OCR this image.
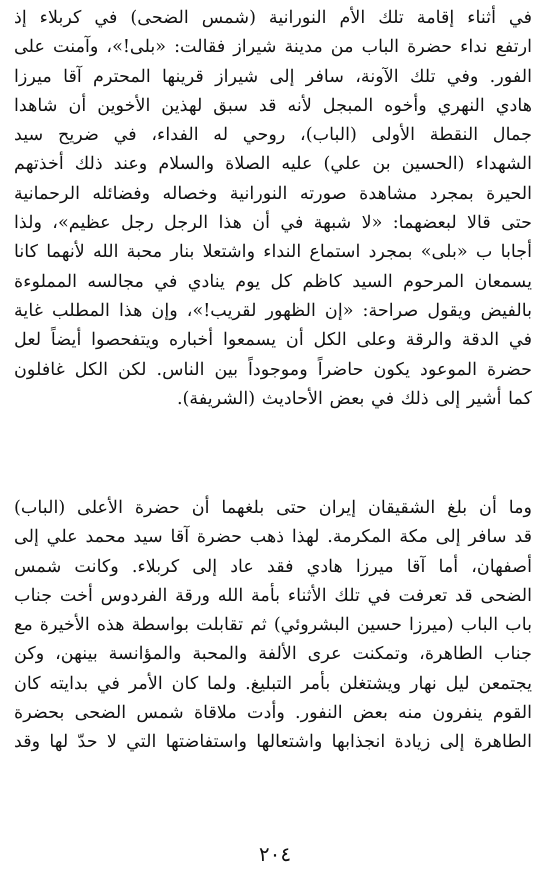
في أثناء إقامة تلك الأم النورانية (شمس الضحى) في كربلاء إذ
ارتفع نداء حضرة الباب من مدينة شيراز فقالت: «بلى!»، وآمنت على
الفور. وفي تلك الآونة، سافر إلى شيراز قرينها المحترم آقا ميرزا
هادي النهري وأخوه المبجل لأنه قد سبق لهذين الأخوين أن شاهدا
جمال النقطة الأولى (الباب)، روحي له الفداء، في ضريح سيد
الشهداء (الحسين بن علي) عليه الصلاة والسلام وعند ذلك أخذتهم
الحيرة بمجرد مشاهدة صورته النورانية وخصاله وفضائله الرحمانية
حتى قالا لبعضهما: «لا شبهة في أن هذا الرجل رجل عظيم»، ولذا
أجابا ب «بلى» بمجرد استماع النداء واشتعلا بنار محبة الله لأنهما كانا
يسمعان المرحوم السيد كاظم كل يوم ينادي في مجالسه المملوءة
بالفيض ويقول صراحة: «إن الظهور لقريب!»، وإن هذا المطلب غاية
في الدقة والرقة وعلى الكل أن يسمعوا أخباره ويتفحصوا أيضاً لعل
حضرة الموعود يكون حاضراً وموجوداً بين الناس. لكن الكل غافلون
كما أشير إلى ذلك في بعض الأحاديث (الشريفة).
وما أن بلغ الشقيقان إيران حتى بلغهما أن حضرة الأعلى (الباب)
قد سافر إلى مكة المكرمة. لهذا ذهب حضرة آقا سيد محمد علي إلى
أصفهان، أما آقا ميرزا هادي فقد عاد إلى كربلاء. وكانت شمس
الضحى قد تعرفت في تلك الأثناء بأمة الله ورقة الفردوس أخت جناب
باب الباب (ميرزا حسين البشروئي) ثم تقابلت بواسطة هذه الأخيرة مع
جناب الطاهرة، وتمكنت عرى الألفة والمحبة والمؤانسة بينهن، وكن
يجتمعن ليل نهار ويشتغلن بأمر التبليغ. ولما كان الأمر في بدايته كان
القوم ينفرون منه بعض النفور. وأدت ملاقاة شمس الضحى بحضرة
الطاهرة إلى زيادة انجذابها واشتعالها واستفاضتها التي لا حدّ لها وقد
٢٠٤
